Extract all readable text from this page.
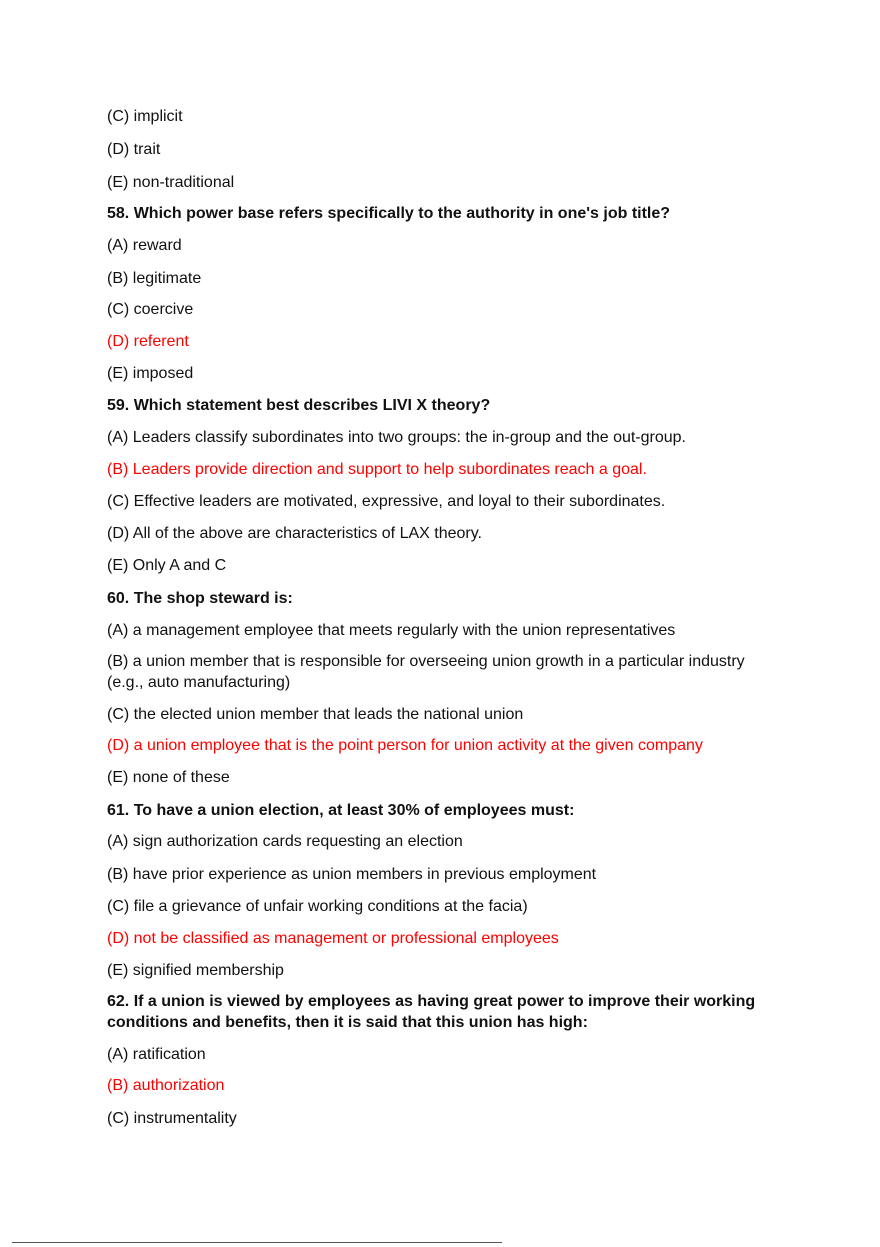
(C) implicit
(D) trait
(E) non-traditional
58. Which power base refers specifically to the authority in one's job title?
(A) reward
(B) legitimate
(C) coercive
(D) referent
(E) imposed
59. Which statement best describes LIVI X theory?
(A) Leaders classify subordinates into two groups: the in-group and the out-group.
(B) Leaders provide direction and support to help subordinates reach a goal.
(C) Effective leaders are motivated, expressive, and loyal to their subordinates.
(D) All of the above are characteristics of LAX theory.
(E) Only A and C
60. The shop steward is:
(A) a management employee that meets regularly with the union representatives
(B) a union member that is responsible for overseeing union growth in a particular industry (e.g., auto manufacturing)
(C) the elected union member that leads the national union
(D) a union employee that is the point person for union activity at the given company
(E) none of these
61. To have a union election, at least 30% of employees must:
(A) sign authorization cards requesting an election
(B) have prior experience as union members in previous employment
(C) file a grievance of unfair working conditions at the facia)
(D) not be classified as management or professional employees
(E) signified membership
62. If a union is viewed by employees as having great power to improve their working conditions and benefits, then it is said that this union has high:
(A) ratification
(B) authorization
(C) instrumentality
